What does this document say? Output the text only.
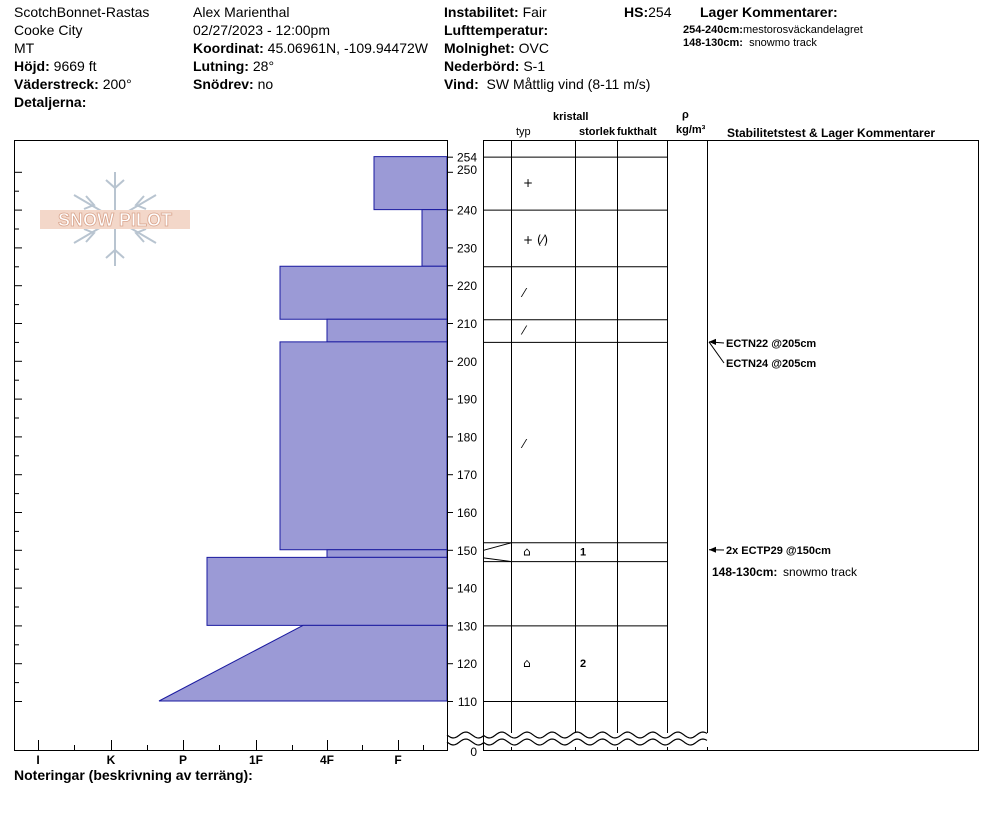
ScotchBonnet-Rastas
Cooke City
MT
Höjd: 9669 ft
Väderstreck: 200°
Detaljerna:
Alex Marienthal
02/27/2023 - 12:00pm
Koordinat: 45.06961N, -109.94472W
Lutning: 28°
Snödrev: no
Instabilitet: Fair
Lufttemperatur:
Molnighet: OVC
Nederbörd: S-1
Vind: SW Måttlig vind (8-11 m/s)
HS:254 Lager Kommentarer:
254-240cm:mestorosväckandelagret
148-130cm: snowmo track
kristall
typ	storlek fukthalt
ρ
kg/m³ Stabilitetstest & Lager Kommentarer
SNOW PILOT
254
250
240
230
220
210
200
190
180
170
160
150
140
130
120
110
0
I	K	P	1F	4F	F
+
+ (⁄)
⁄
⁄
⁄
⌂	1
⌂	2
ECTN22 @205cm
ECTN24 @205cm
2x ECTP29 @150cm
148-130cm: snowmo track
Noteringar (beskrivning av terräng):
